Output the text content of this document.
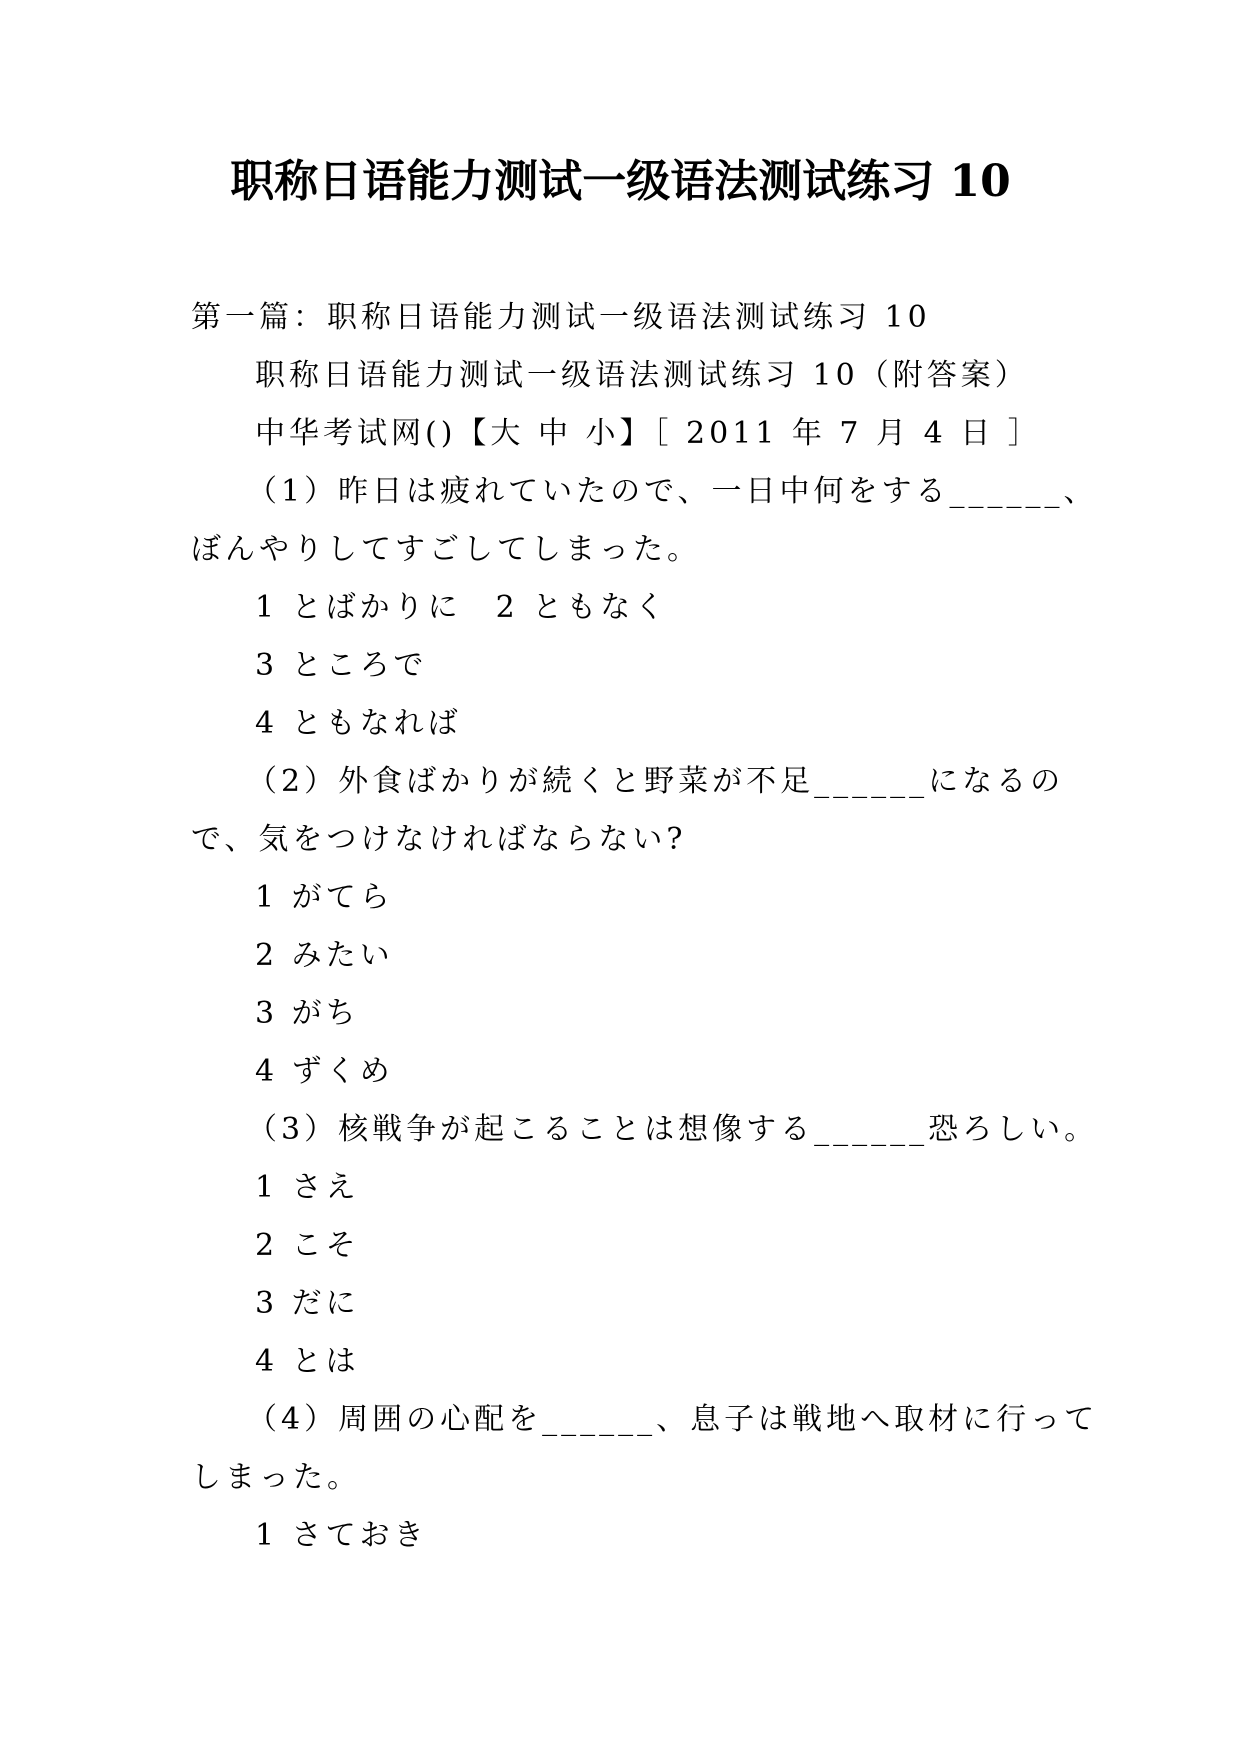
职称日语能力测试一级语法测试练习 10
第一篇：职称日语能力测试一级语法测试练习 10
职称日语能力测试一级语法测试练习 10（附答案）
中华考试网()【大 中 小】［ 2011 年 7 月 4 日 ］
（1）昨日は疲れていたので、一日中何をする______、
ぼんやりしてすごしてしまった。
1 とばかりに　2 ともなく
3 ところで
4 ともなれば
（2）外食ばかりが続くと野菜が不足______になるの
で、気をつけなければならない?
1 がてら
2 みたい
3 がち
4 ずくめ
（3）核戦争が起こることは想像する______恐ろしい。
1 さえ
2 こそ
3 だに
4 とは
（4）周囲の心配を______、息子は戦地へ取材に行って
しまった。
1 さておき
